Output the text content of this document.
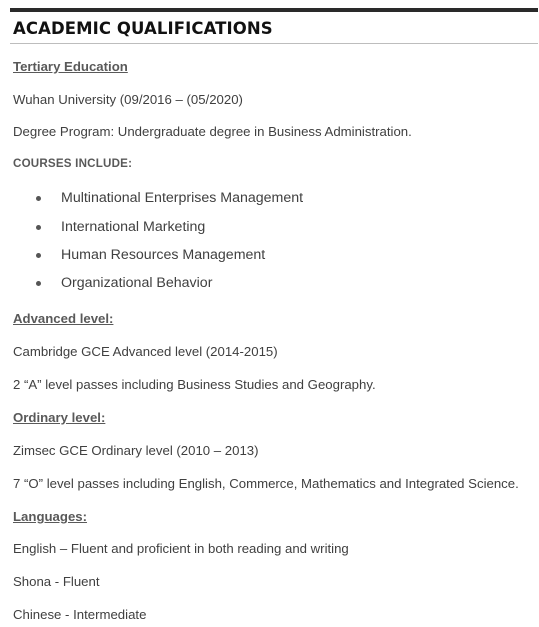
ACADEMIC QUALIFICATIONS
Tertiary Education
Wuhan University (09/2016 – (05/2020)
Degree Program: Undergraduate degree in Business Administration.
COURSES INCLUDE:
Multinational Enterprises Management
International Marketing
Human Resources Management
Organizational Behavior
Advanced level:
Cambridge GCE Advanced level (2014-2015)
2 “A” level passes including Business Studies and Geography.
Ordinary level:
Zimsec GCE Ordinary level (2010 – 2013)
7 “O” level passes including English, Commerce, Mathematics and Integrated Science.
Languages:
English – Fluent and proficient in both reading and writing
Shona - Fluent
Chinese - Intermediate
